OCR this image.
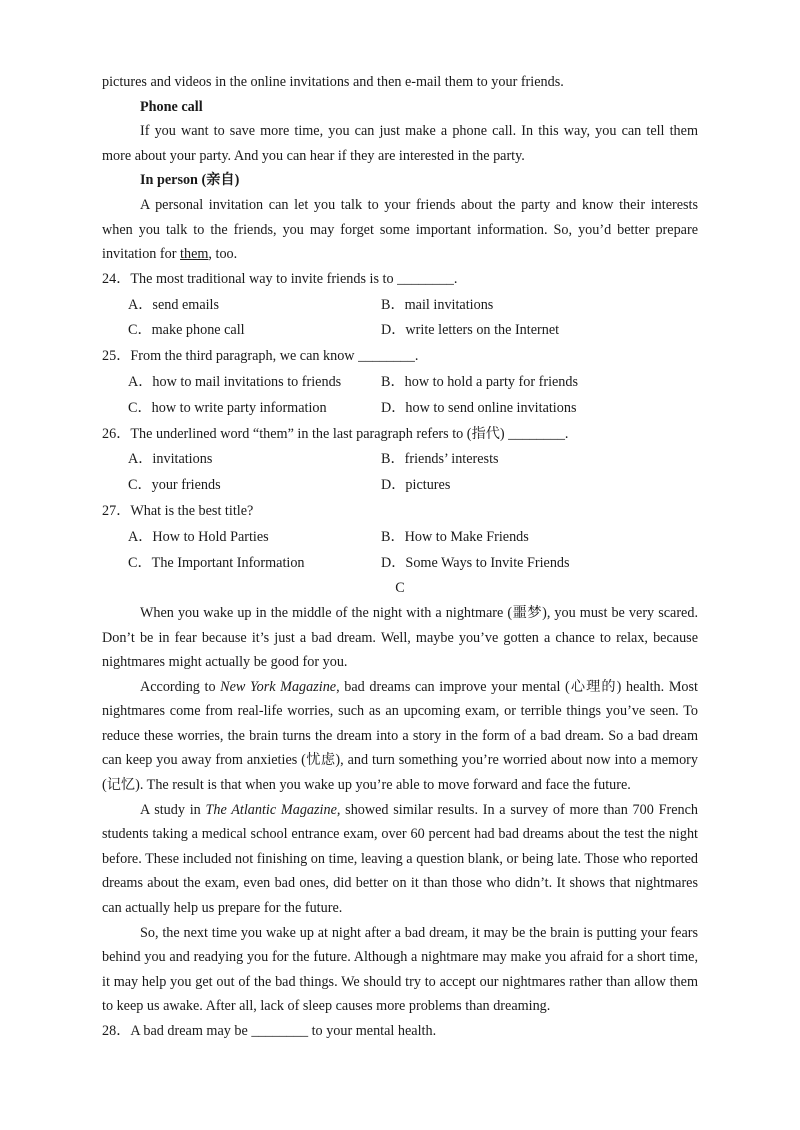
pictures and videos in the online invitations and then e-mail them to your friends.

Phone call

If you want to save more time, you can just make a phone call. In this way, you can tell them more about your party. And you can hear if they are interested in the party.

In person (亲自)

A personal invitation can let you talk to your friends about the party and know their interests when you talk to the friends, you may forget some important information. So, you’d better prepare invitation for them, too.

24．The most traditional way to invite friends is to ________.

A．send emails	B．mail invitations
C．make phone call	D．write letters on the Internet

25．From the third paragraph, we can know ________.

A．how to mail invitations to friends	B．how to hold a party for friends
C．how to write party information	D．how to send online invitations

26．The underlined word “them” in the last paragraph refers to (指代) ________.

A．invitations	B．friends’ interests
C．your friends	D．pictures

27．What is the best title?

A．How to Hold Parties	B．How to Make Friends
C．The Important Information	D．Some Ways to Invite Friends

C

When you wake up in the middle of the night with a nightmare (噩梦), you must be very scared. Don’t be in fear because it’s just a bad dream. Well, maybe you’ve gotten a chance to relax, because nightmares might actually be good for you.

According to New York Magazine, bad dreams can improve your mental (心理的) health. Most nightmares come from real-life worries, such as an upcoming exam, or terrible things you’ve seen. To reduce these worries, the brain turns the dream into a story in the form of a bad dream. So a bad dream can keep you away from anxieties (忧虑), and turn something you’re worried about now into a memory (记忆). The result is that when you wake up you’re able to move forward and face the future.

A study in The Atlantic Magazine, showed similar results. In a survey of more than 700 French students taking a medical school entrance exam, over 60 percent had bad dreams about the test the night before. These included not finishing on time, leaving a question blank, or being late. Those who reported dreams about the exam, even bad ones, did better on it than those who didn’t. It shows that nightmares can actually help us prepare for the future.

So, the next time you wake up at night after a bad dream, it may be the brain is putting your fears behind you and readying you for the future. Although a nightmare may make you afraid for a short time, it may help you get out of the bad things. We should try to accept our nightmares rather than allow them to keep us awake. After all, lack of sleep causes more problems than dreaming.

28．A bad dream may be ________ to your mental health.
